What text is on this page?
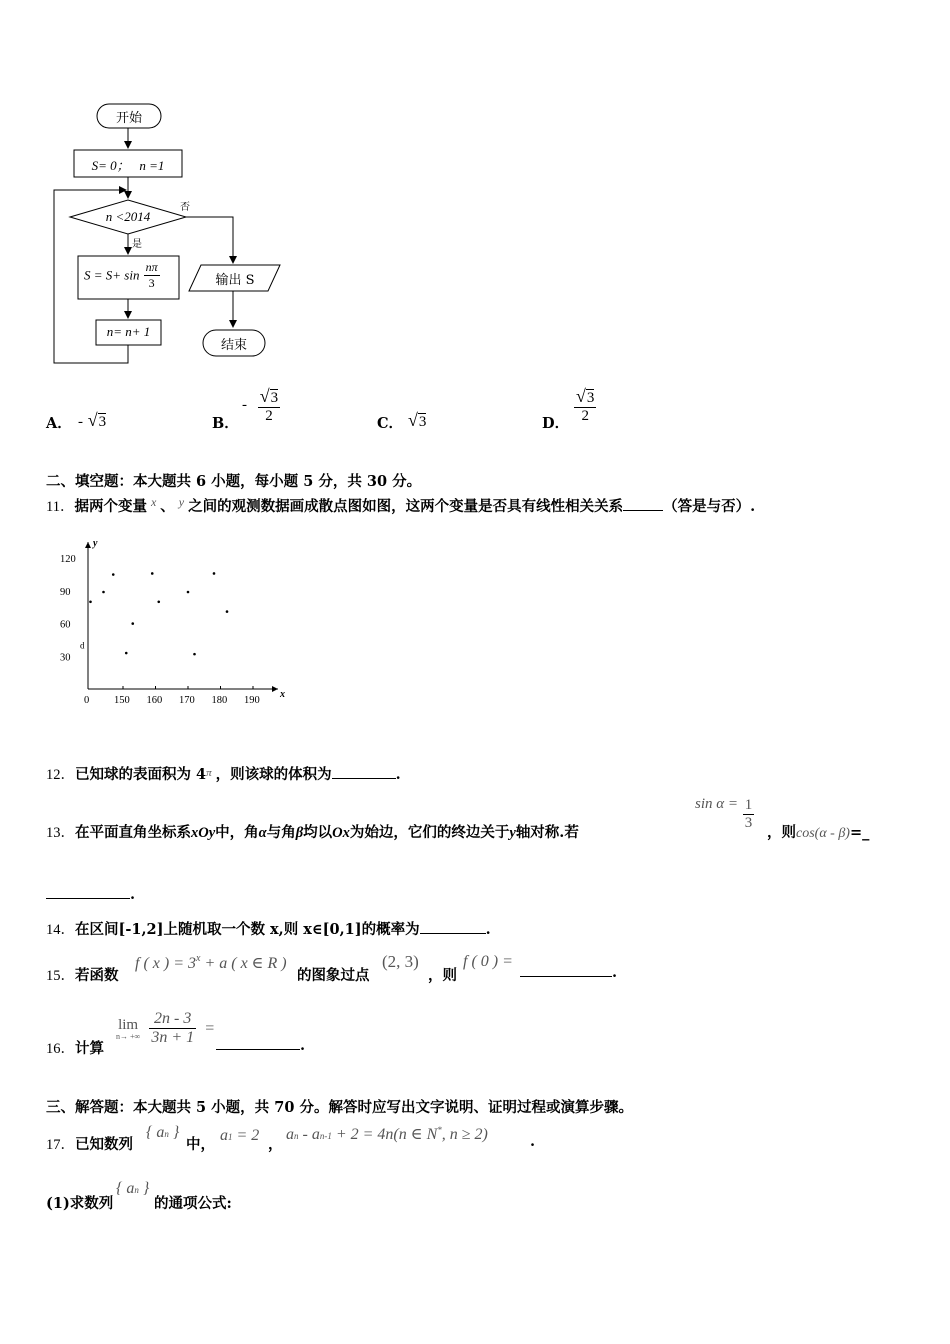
开始
S= 0；   n =1
n <2014
否
是
$S = S+ \sin \frac{n\pi}{3}$
n= n+ 1
输出 S
结束
A． - √3	B．
- $\frac{√3}{2}$	C． √3	D． $\frac{√3}{2}$
二、填空题：本大题共 6 小题，每小题 5 分，共 30 分。
11．据两个变量 $^x$ 、 $^y$ 之间的观测数据画成散点图如图，这两个变量是否具有线性相关关系	（答是与否）.
y
x
0 150 160 170 180 190
120
90
60
30
d
12．已知球的表面积为 $4^\pi$ ，则该球的体积为	.
13．在平面直角坐标系xOy中，角α与角β均以Ox为始边，它们的终边关于y轴对称.若
$\sin \alpha = \frac{1}{3}$
，则cos(α - β)=_
.
14．在区间[-1,2]上随机取一个数 x,则 x∈[0,1]的概率为	.
15．若函数
f ( x ) = $3^x + a$ ( x ∈ R )
的图象过点
(2, 3)
，则
f ( 0 ) =
.
16．计算
lim
n→ +∞
$\frac{2n - 3}{3n + 1}$ =
.
三、解答题：本大题共 5 小题，共 70 分。解答时应写出文字说明、证明过程或演算步骤。
17．已知数列
{ an }
中，
a1 = 2
，
an - an-1 + 2 = 4n(n ∈ N*, n ≥ 2)	.
(1)求数列
{ an }
的通项公式:
